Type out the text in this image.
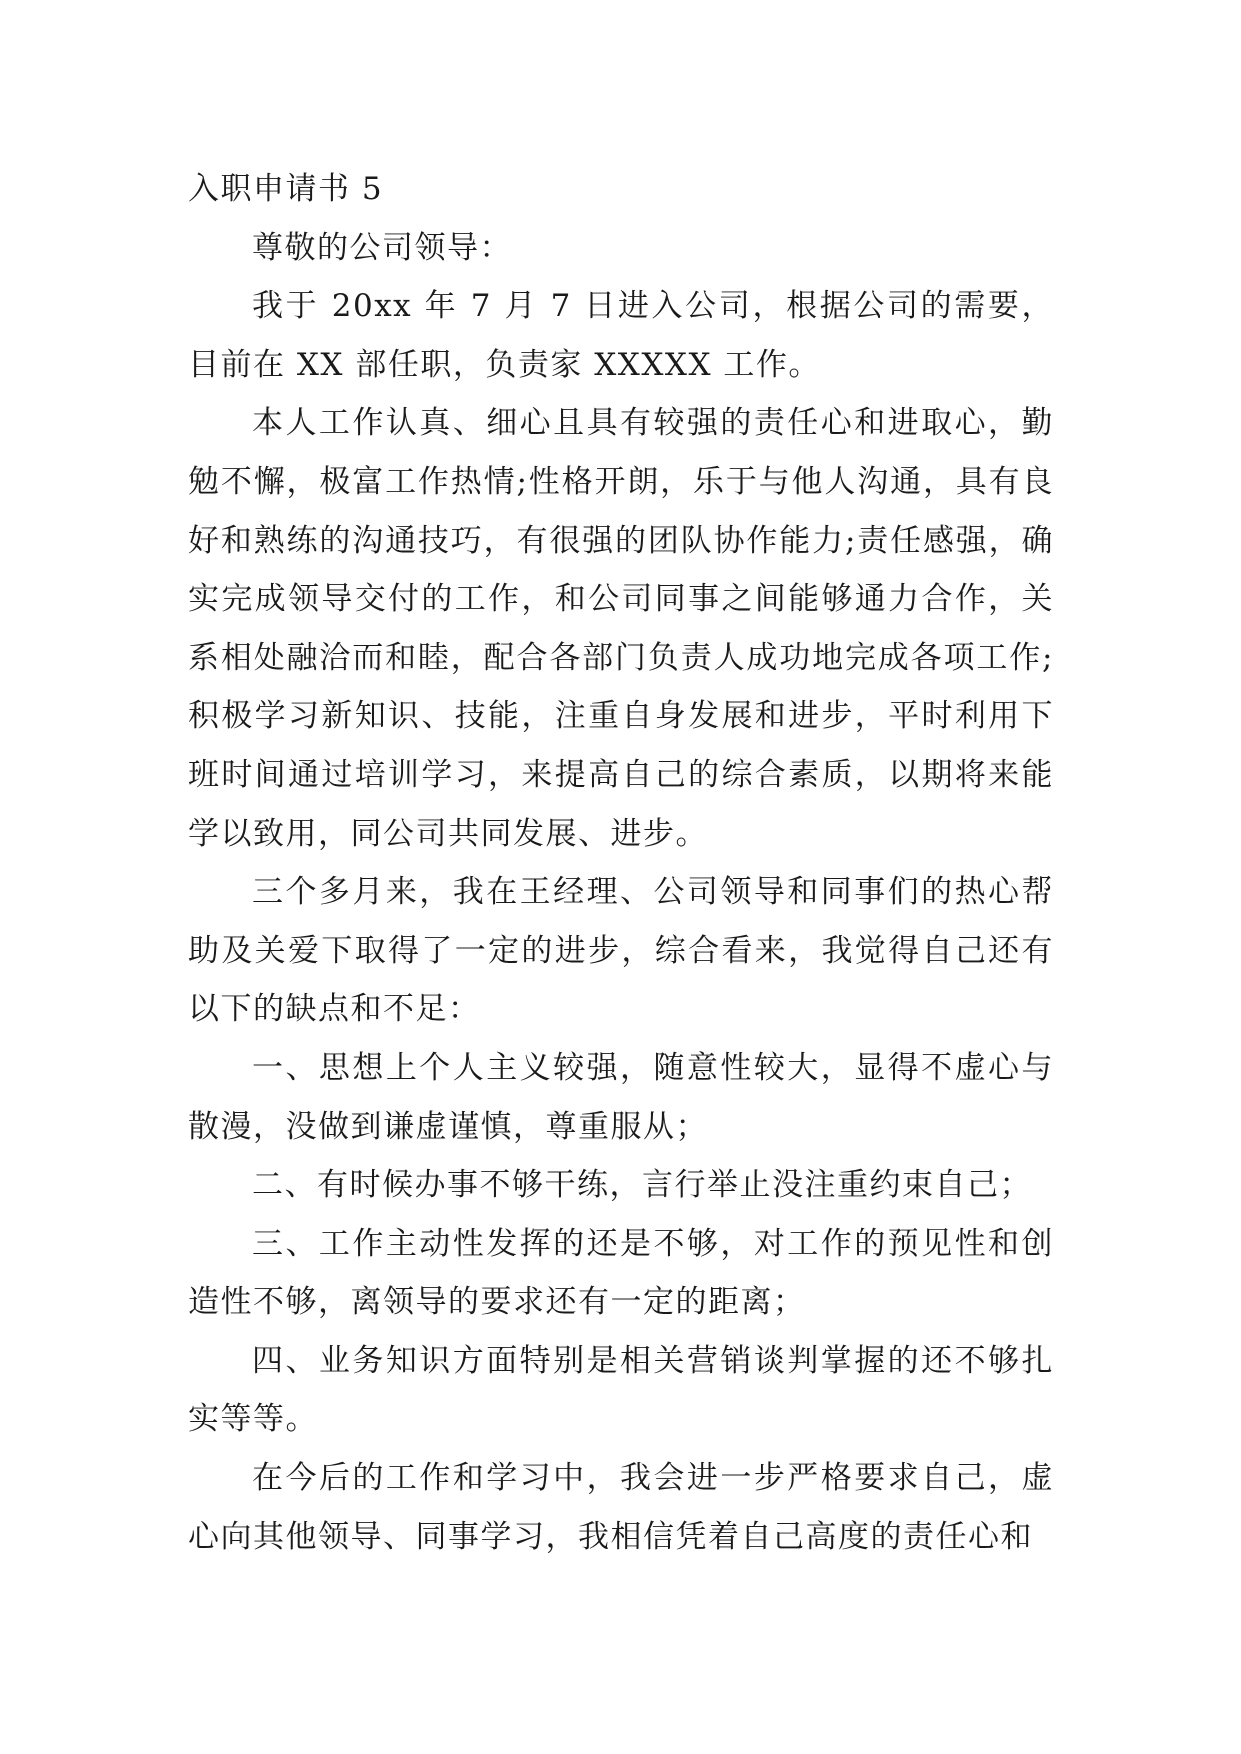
入职申请书 5

尊敬的公司领导：

我于 20xx 年 7 月 7 日进入公司，根据公司的需要，目前在 XX 部任职，负责家 XXXXX 工作。

本人工作认真、细心且具有较强的责任心和进取心，勤勉不懈，极富工作热情;性格开朗，乐于与他人沟通，具有良好和熟练的沟通技巧，有很强的团队协作能力;责任感强，确实完成领导交付的工作，和公司同事之间能够通力合作，关系相处融洽而和睦，配合各部门负责人成功地完成各项工作;积极学习新知识、技能，注重自身发展和进步，平时利用下班时间通过培训学习，来提高自己的综合素质，以期将来能学以致用，同公司共同发展、进步。

三个多月来，我在王经理、公司领导和同事们的热心帮助及关爱下取得了一定的进步，综合看来，我觉得自己还有以下的缺点和不足：

一、思想上个人主义较强，随意性较大，显得不虚心与散漫，没做到谦虚谨慎，尊重服从；

二、有时候办事不够干练，言行举止没注重约束自己；

三、工作主动性发挥的还是不够，对工作的预见性和创造性不够，离领导的要求还有一定的距离；

四、业务知识方面特别是相关营销谈判掌握的还不够扎实等等。

在今后的工作和学习中，我会进一步严格要求自己，虚心向其他领导、同事学习，我相信凭着自己高度的责任心和
